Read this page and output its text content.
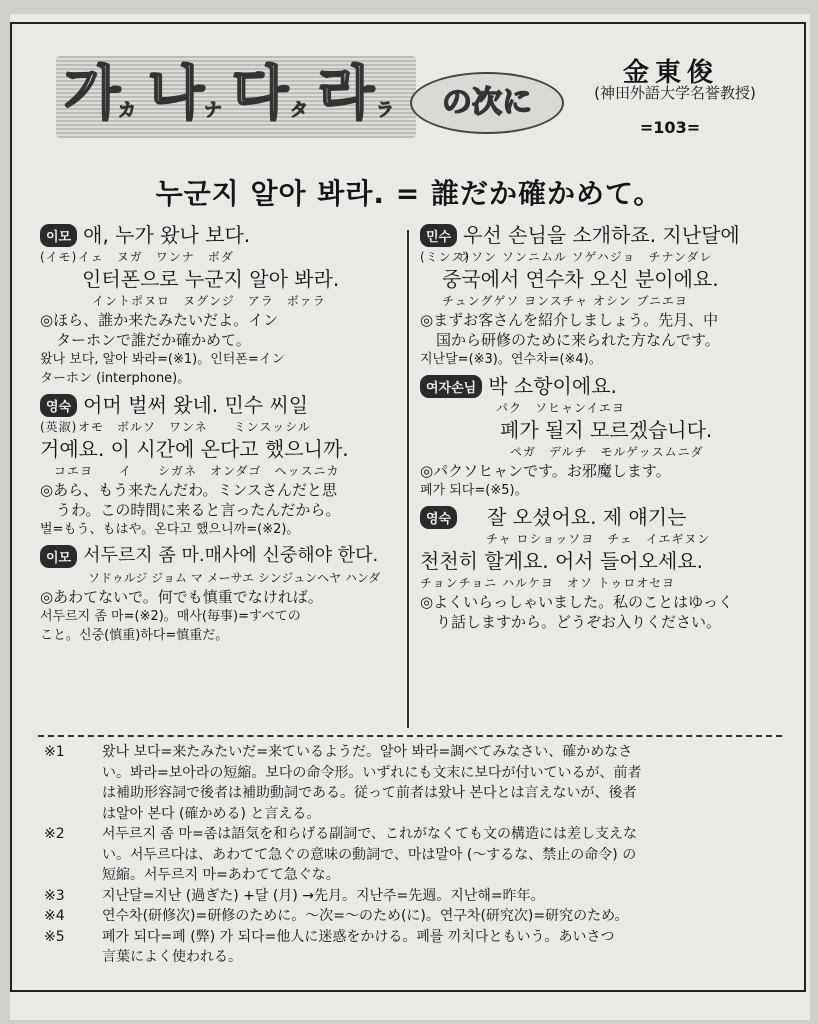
가 カ 나 ナ 다 タ 라 ラ	の次に
金東俊
(神田外語大学名誉教授)
=103=
누군지 알아 봐라. = 誰だか確かめて。
이모 애, 누가 왔나 보다.
(イモ)イェ　ヌガ　ワンナ　ボダ
인터폰으로 누군지 알아 봐라.
イントポヌロ　ヌグンジ　アラ　ボァラ
◎ほら、誰か来たみたいだよ。イン
ターホンで誰だか確かめて。
왔나 보다, 알아 봐라=(※1)。인터폰=イン
ターホン (interphone)。
영숙 어머 벌써 왔네. 민수 씨일
(英淑)オモ　ボルソ　ワンネ　　ミンスッシル
거예요. 이 시간에 온다고 했으니까.
コエヨ　　イ　　シガネ　オンダゴ　ヘッスニカ
◎あら、もう来たんだわ。ミンスさんだと思
うわ。この時間に来ると言ったんだから。
벌=もう、もはや。온다고 했으니까=(※2)。
이모 서두르지 좀 마.매사에 신중해야 한다.
ソドゥルジ ジョム マ メーサエ シンジュンヘヤ ハンダ
◎あわてないで。何でも慎重でなければ。
서두르지 좀 마=(※2)。매사(毎事)=すべての
こと。신중(慎重)하다=慎重だ。
민수 우선 손님을 소개하죠. 지난달에
(ミンス)ウソン ソンニムル ソゲハジョ　チナンダレ
중국에서 연수차 오신 분이에요.
チュングゲソ ヨンスチャ オシン ブニエヨ
◎まずお客さんを紹介しましょう。先月、中
国から研修のために来られた方なんです。
지난달=(※3)。연수차=(※4)。
여자손님 박 소항이에요.
パク　ソヒャンイエヨ
폐가 될지 모르겠습니다.
ペガ　デルチ　モルゲッスムニダ
◎パクソヒャンです。お邪魔します。
폐가 되다=(※5)。
영숙	잘 오셨어요. 제 얘기는
チャ ロショッソヨ　チェ　イエギヌン
천천히 할게요. 어서 들어오세요.
チョンチョニ ハルケヨ　オソ トゥロオセヨ
◎よくいらっしゃいました。私のことはゆっく
り話しますから。どうぞお入りください。
※1	왔나 보다=来たみたいだ=来ているようだ。알아 봐라=調べてみなさい、確かめなさ
い。봐라=보아라の短縮。보다の命令形。いずれにも文末に보다が付いているが、前者
は補助形容詞で後者は補助動詞である。従って前者は왔나 본다とは言えないが、後者
は알아 본다 (確かめる) と言える。
※2	서두르지 좀 마=좀は語気を和らげる副詞で、これがなくても文の構造には差し支えな
い。서두르다は、あわてて急ぐの意味の動詞で、마は말아 (～するな、禁止の命令) の
短縮。서두르지 마=あわてて急ぐな。
※3	지난달=지난 (過ぎた) +달 (月) →先月。지난주=先週。지난해=昨年。
※4	연수차(研修次)=研修のために。～次=～のため(に)。연구차(研究次)=研究のため。
※5	폐가 되다=폐 (弊) 가 되다=他人に迷惑をかける。폐를 끼치다ともいう。あいさつ
言葉によく使われる。
